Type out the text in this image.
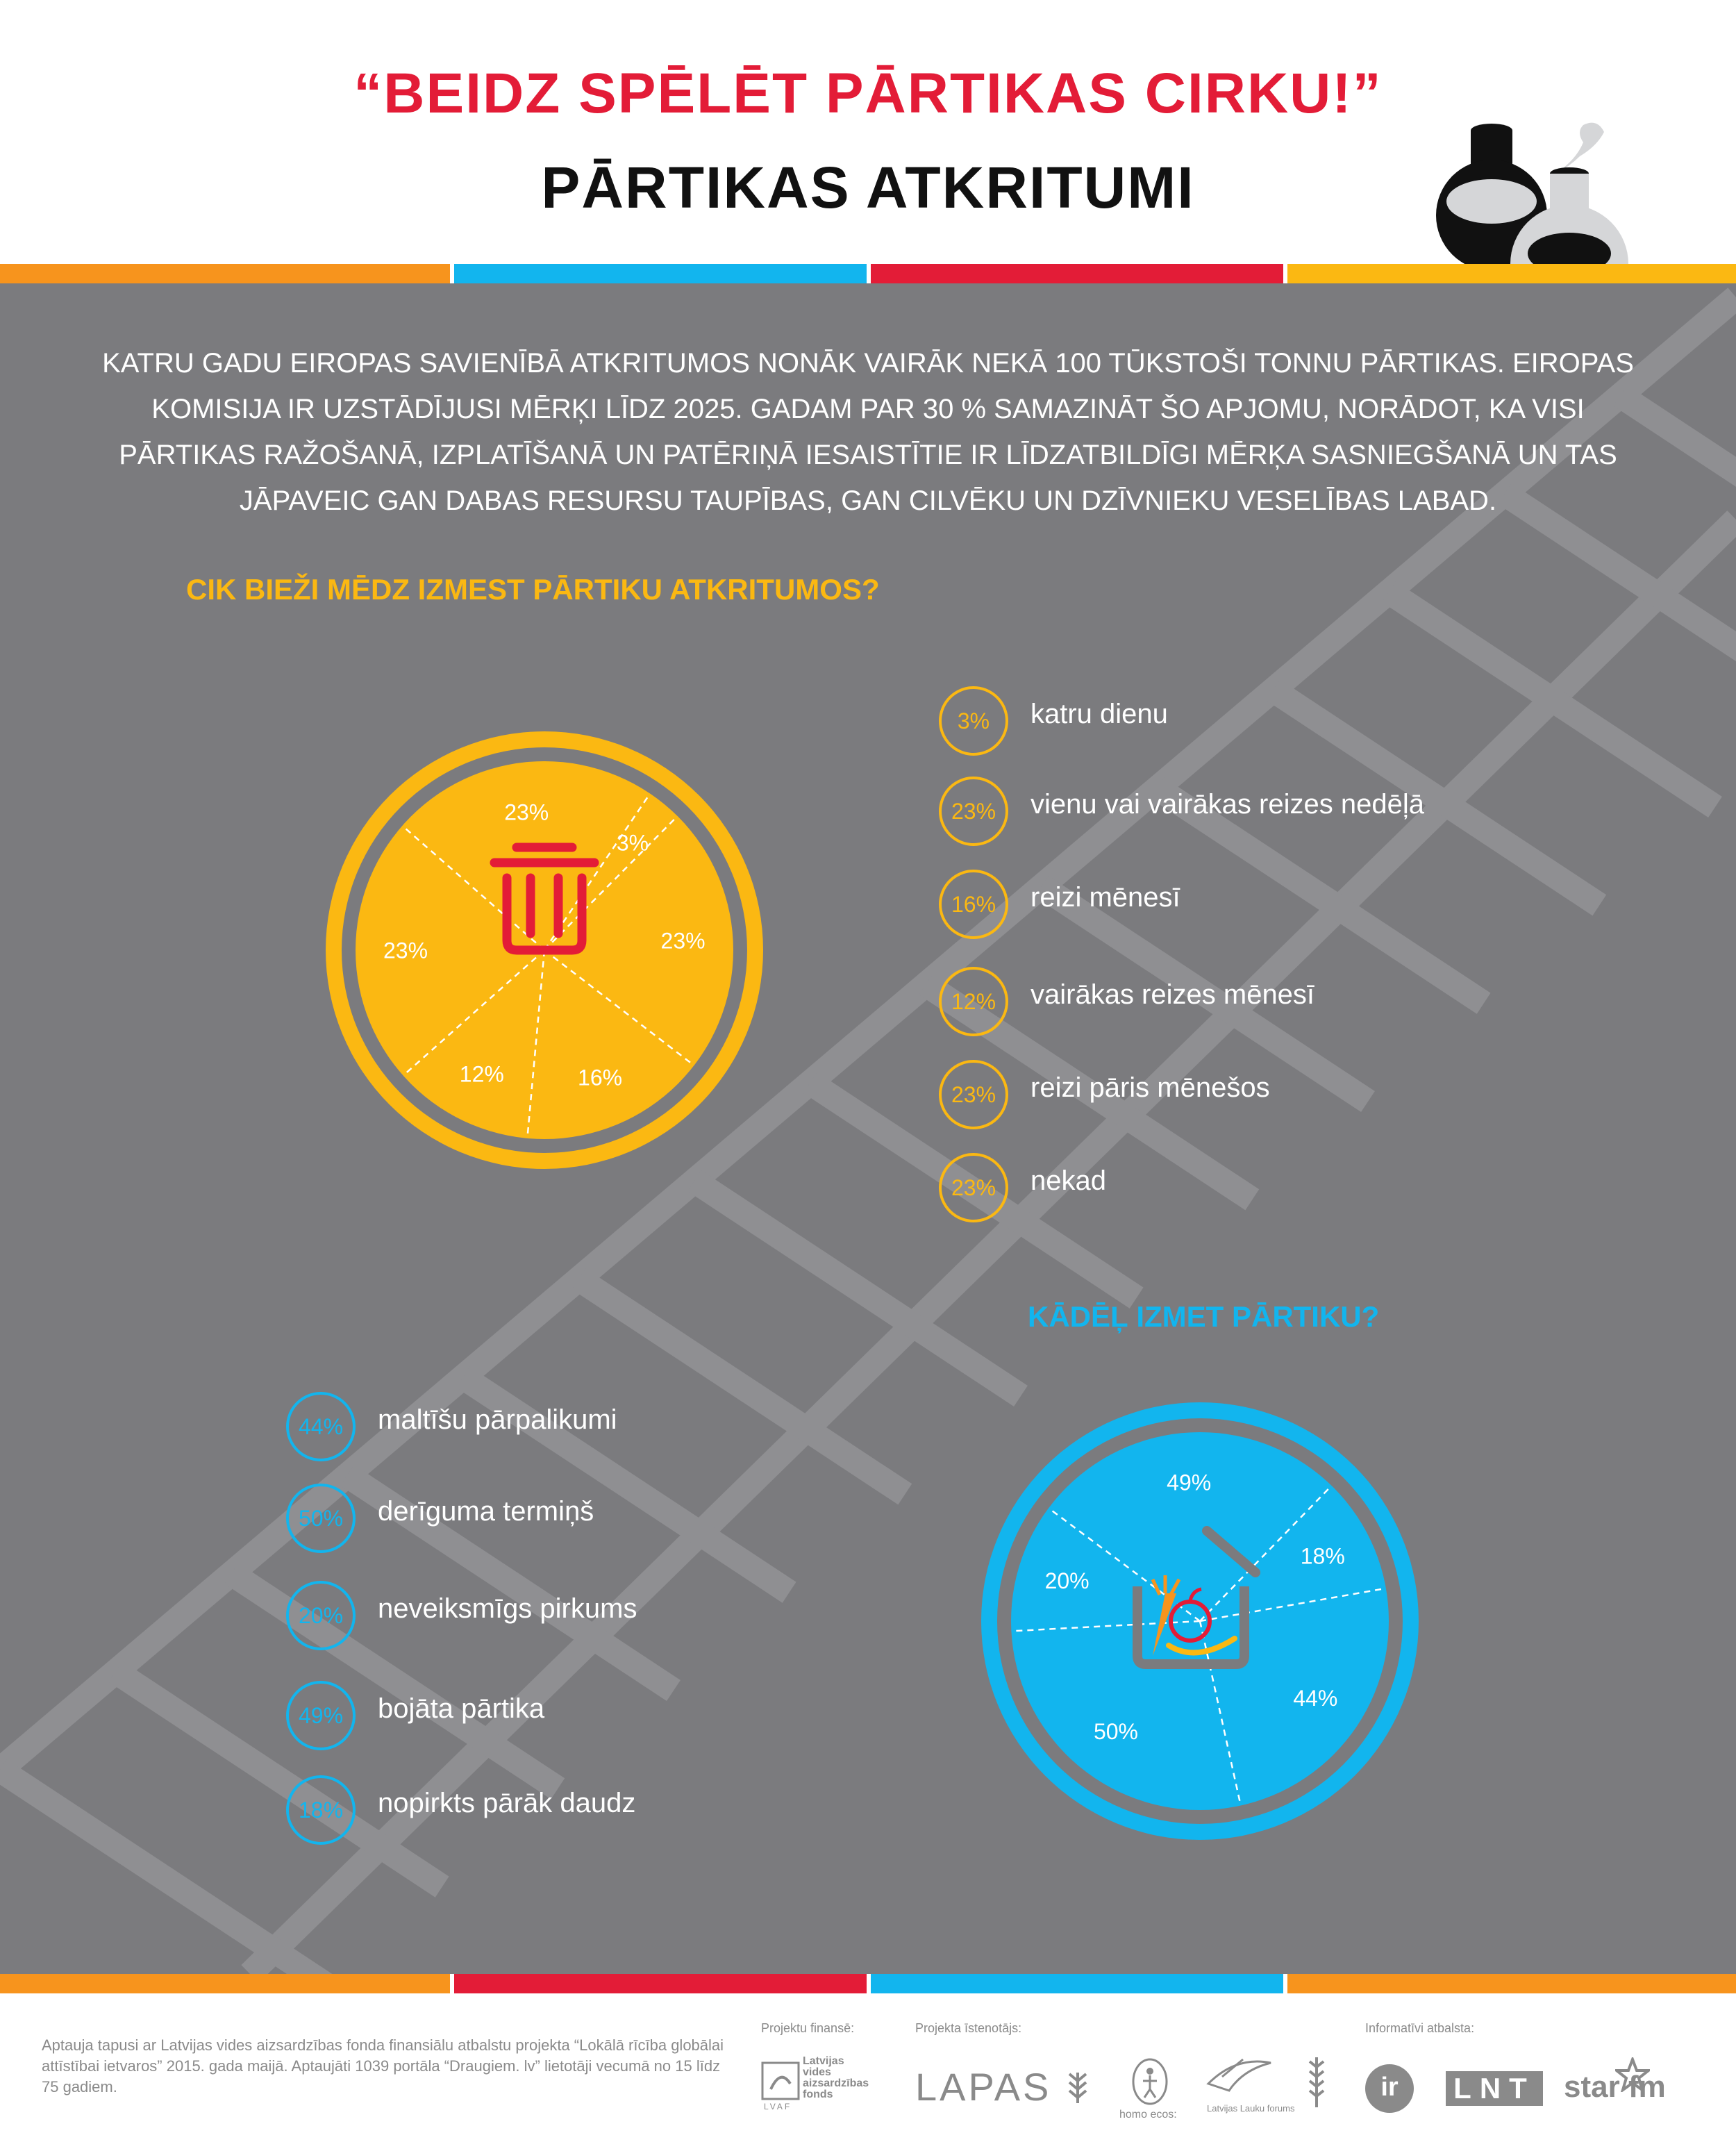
“BEIDZ SPĒLĒT PĀRTIKAS CIRKU!”
PĀRTIKAS ATKRITUMI
KATRU GADU EIROPAS SAVIENĪBĀ ATKRITUMOS NONĀK VAIRĀK NEKĀ 100 TŪKSTOŠI TONNU PĀRTIKAS. EIROPAS KOMISIJA IR UZSTĀDĪJUSI MĒRĶI LĪDZ 2025. GADAM PAR 30 % SAMAZINĀT ŠO APJOMU, NORĀDOT, KA VISI PĀRTIKAS RAŽOŠANĀ, IZPLATĪŠANĀ UN PATĒRIŅĀ IESAISTĪTIE IR LĪDZATBILDĪGI MĒRĶA SASNIEGŠANĀ UN TAS JĀPAVEIC GAN DABAS RESURSU TAUPĪBAS, GAN CILVĒKU UN DZĪVNIEKU VESELĪBAS LABAD.
CIK BIEŽI MĒDZ IZMEST PĀRTIKU ATKRITUMOS?
KĀDĒĻ IZMET PĀRTIKU?
3%
23%
16%
12%
23%
23%
44%
50%
20%
49%
18%
3%	katru dienu
23%	vienu vai vairākas reizes nedēļā
16%	reizi mēnesī
12%	vairākas reizes mēnesī
23%	reizi pāris mēnešos
23%	nekad
44%	maltīšu pārpalikumi
50%	derīguma termiņš
20%	neveiksmīgs pirkums
49%	bojāta pārtika
18%	nopirkts pārāk daudz
Aptauja tapusi ar Latvijas vides aizsardzības fonda finansiālu atbalstu projekta “Lokālā rīcība globālai attīstībai ietvaros” 2015. gada maijā. Aptaujāti 1039 portāla “Draugiem. lv” lietotāji vecumā no 15 līdz 75 gadiem.
Projektu finansē:	Projekta īstenotājs:	Informatīvi atbalsta:
Latvijas
vides
aizsardzības
fonds
LVAF	LAPAS
homo ecos:
Latvijas Lauku forums
ir	LNT star fm
